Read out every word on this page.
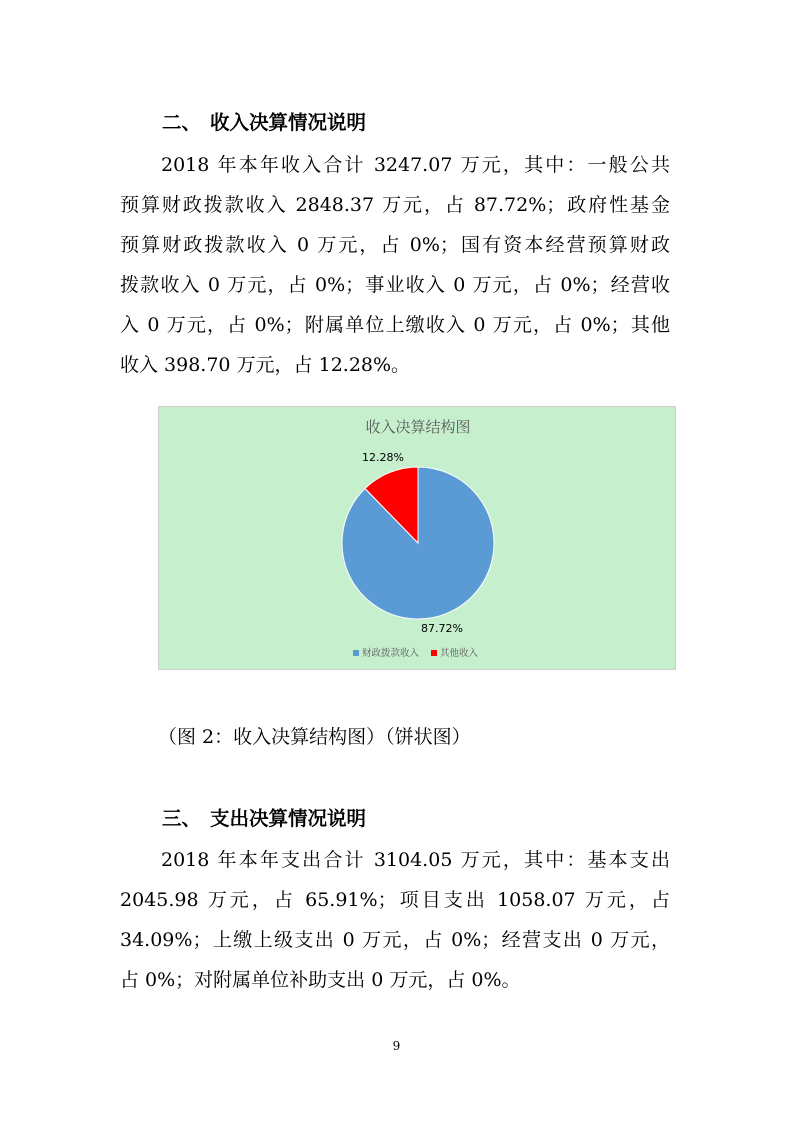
二、 收入决算情况说明
2018 年本年收入合计 3247.07 万元，其中：一般公共
预算财政拨款收入 2848.37 万元，占 87.72%；政府性基金
预算财政拨款收入 0 万元，占 0%；国有资本经营预算财政
拨款收入 0 万元，占 0%；事业收入 0 万元，占 0%；经营收
入 0 万元，占 0%；附属单位上缴收入 0 万元，占 0%；其他
收入 398.70 万元，占 12.28%。
收入决算结构图
87.72%
12.28%
财政拨款收入 其他收入

（图 2：收入决算结构图）（饼状图）

三、 支出决算情况说明
2018 年本年支出合计 3104.05 万元，其中：基本支出
2045.98 万元，占 65.91%；项目支出 1058.07 万元，占
34.09%；上缴上级支出 0 万元，占 0%；经营支出 0 万元，
占 0%；对附属单位补助支出 0 万元，占 0%。

9
